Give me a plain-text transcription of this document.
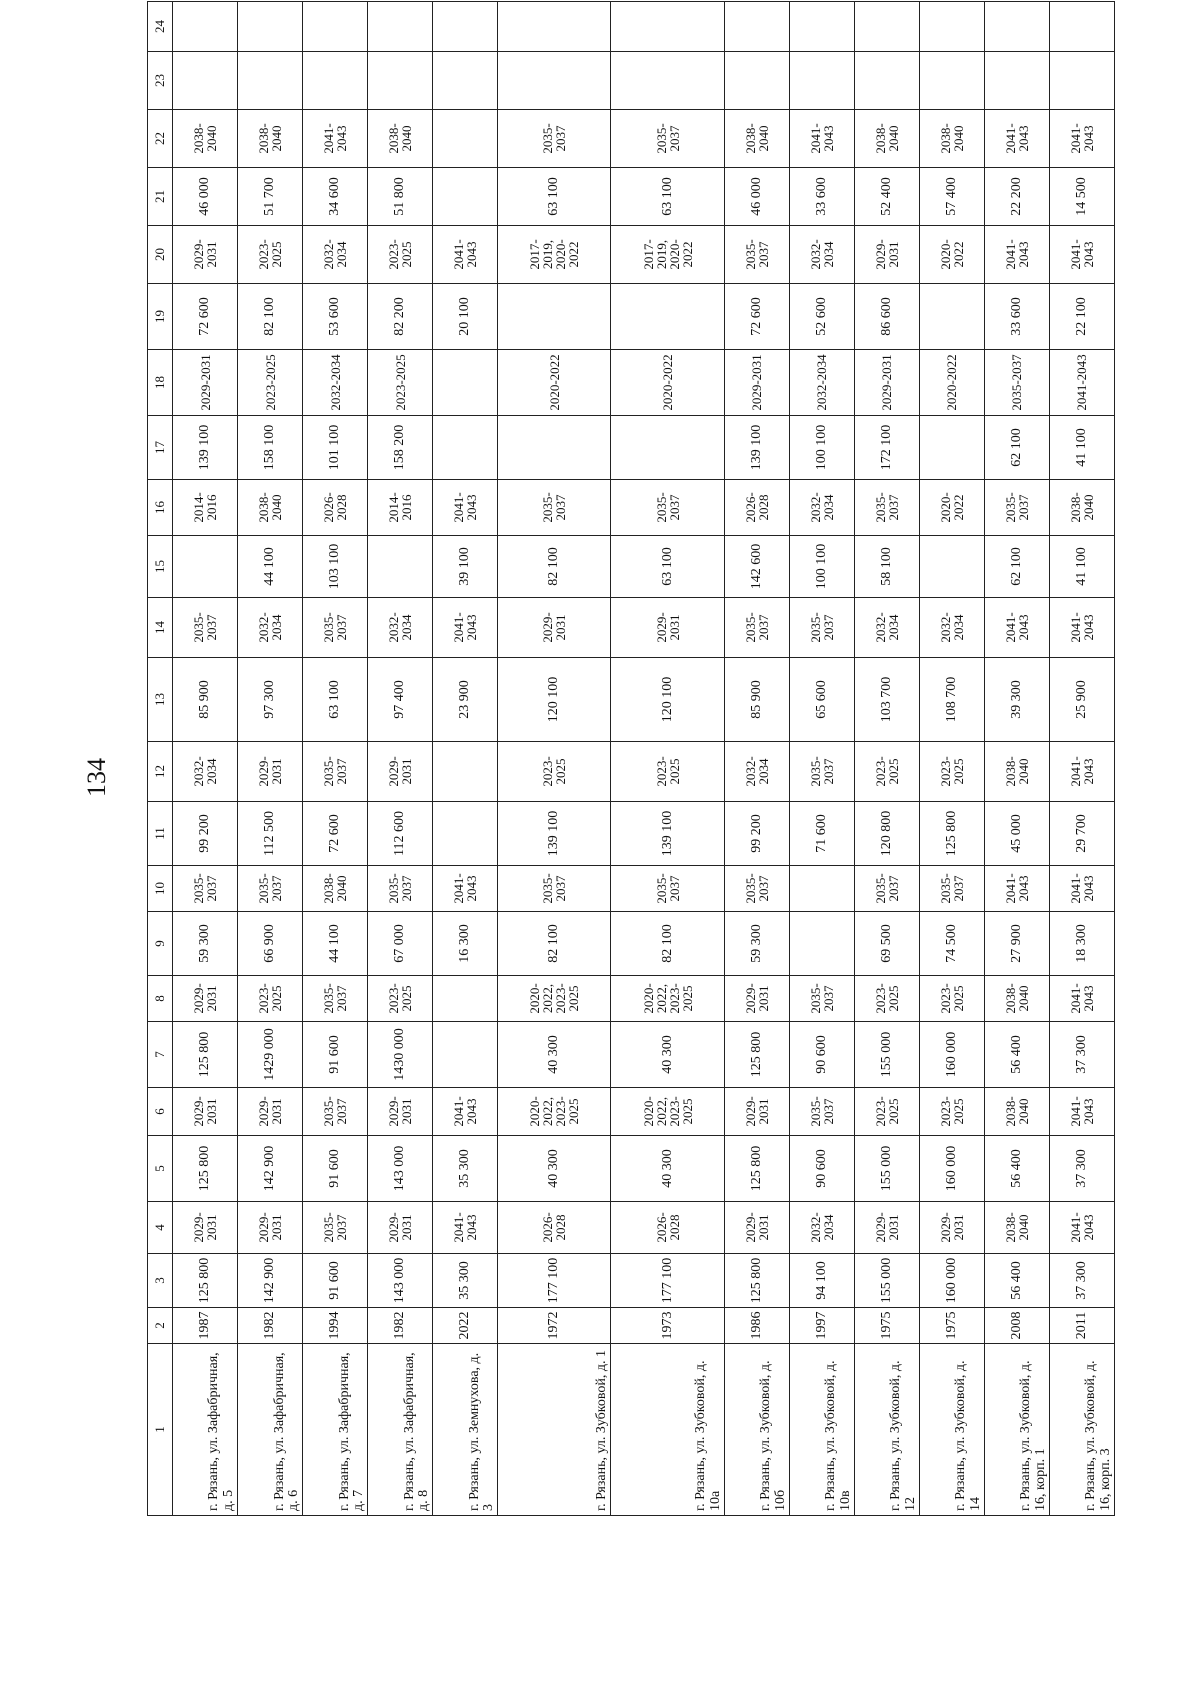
134
1	2	3	4	5	6	7	8	9	10	11	12	13	14	15	16	17	18	19	20	21	22	23	24
г. Рязань, ул. Зафабричная, д. 5	1987	125 800	2029-2031	125 800	2029-2031	125 800	2029-2031	59 300	2035-2037	99 200	2032-2034	85 900	2035-2037		2014-2016	139 100	2029-2031	72 600	2029-2031	46 000	2038-2040		
г. Рязань, ул. Зафабричная, д. 6	1982	142 900	2029-2031	142 900	2029-2031	1429 000	2023-2025	66 900	2035-2037	112 500	2029-2031	97 300	2032-2034	44 100	2038-2040	158 100	2023-2025	82 100	2023-2025	51 700	2038-2040		
г. Рязань, ул. Зафабричная, д. 7	1994	91 600	2035-2037	91 600	2035-2037	91 600	2035-2037	44 100	2038-2040	72 600	2035-2037	63 100	2035-2037	103 100	2026-2028	101 100	2032-2034	53 600	2032-2034	34 600	2041-2043		
г. Рязань, ул. Зафабричная, д. 8	1982	143 000	2029-2031	143 000	2029-2031	1430 000	2023-2025	67 000	2035-2037	112 600	2029-2031	97 400	2032-2034		2014-2016	158 200	2023-2025	82 200	2023-2025	51 800	2038-2040		
г. Рязань, ул. Земнухова, д. 3	2022	35 300	2041-2043	35 300	2041-2043			16 300	2041-2043			23 900	2041-2043	39 100	2041-2043			20 100	2041-2043				
г. Рязань, ул. Зубковой, д. 1	1972	177 100	2026-2028	40 300	2020-2022, 2023-2025	40 300	2020-2022, 2023-2025	82 100	2035-2037	139 100	2023-2025	120 100	2029-2031	82 100	2035-2037		2020-2022		2017-2019, 2020-2022	63 100	2035-2037		
г. Рязань, ул. Зубковой, д. 10а	1973	177 100	2026-2028	40 300	2020-2022, 2023-2025	40 300	2020-2022, 2023-2025	82 100	2035-2037	139 100	2023-2025	120 100	2029-2031	63 100	2035-2037		2020-2022		2017-2019, 2020-2022	63 100	2035-2037		
г. Рязань, ул. Зубковой, д. 10б	1986	125 800	2029-2031	125 800	2029-2031	125 800	2029-2031	59 300	2035-2037	99 200	2032-2034	85 900	2035-2037	142 600	2026-2028	139 100	2029-2031	72 600	2035-2037	46 000	2038-2040		
г. Рязань, ул. Зубковой, д. 10в	1997	94 100	2032-2034	90 600	2035-2037	90 600	2035-2037			71 600	2035-2037	65 600	2035-2037	100 100	2032-2034	100 100	2032-2034	52 600	2032-2034	33 600	2041-2043		
г. Рязань, ул. Зубковой, д. 12	1975	155 000	2029-2031	155 000	2023-2025	155 000	2023-2025	69 500	2035-2037	120 800	2023-2025	103 700	2032-2034	58 100	2035-2037	172 100	2029-2031	86 600	2029-2031	52 400	2038-2040		
г. Рязань, ул. Зубковой, д. 14	1975	160 000	2029-2031	160 000	2023-2025	160 000	2023-2025	74 500	2035-2037	125 800	2023-2025	108 700	2032-2034		2020-2022		2020-2022		2020-2022	57 400	2038-2040		
г. Рязань, ул. Зубковой, д. 16, корп. 1	2008	56 400	2038-2040	56 400	2038-2040	56 400	2038-2040	27 900	2041-2043	45 000	2038-2040	39 300	2041-2043	62 100	2035-2037	62 100	2035-2037	33 600	2041-2043	22 200	2041-2043		
г. Рязань, ул. Зубковой, д. 16, корп. 3	2011	37 300	2041-2043	37 300	2041-2043	37 300	2041-2043	18 300	2041-2043	29 700	2041-2043	25 900	2041-2043	41 100	2038-2040	41 100	2041-2043	22 100	2041-2043	14 500	2041-2043		
